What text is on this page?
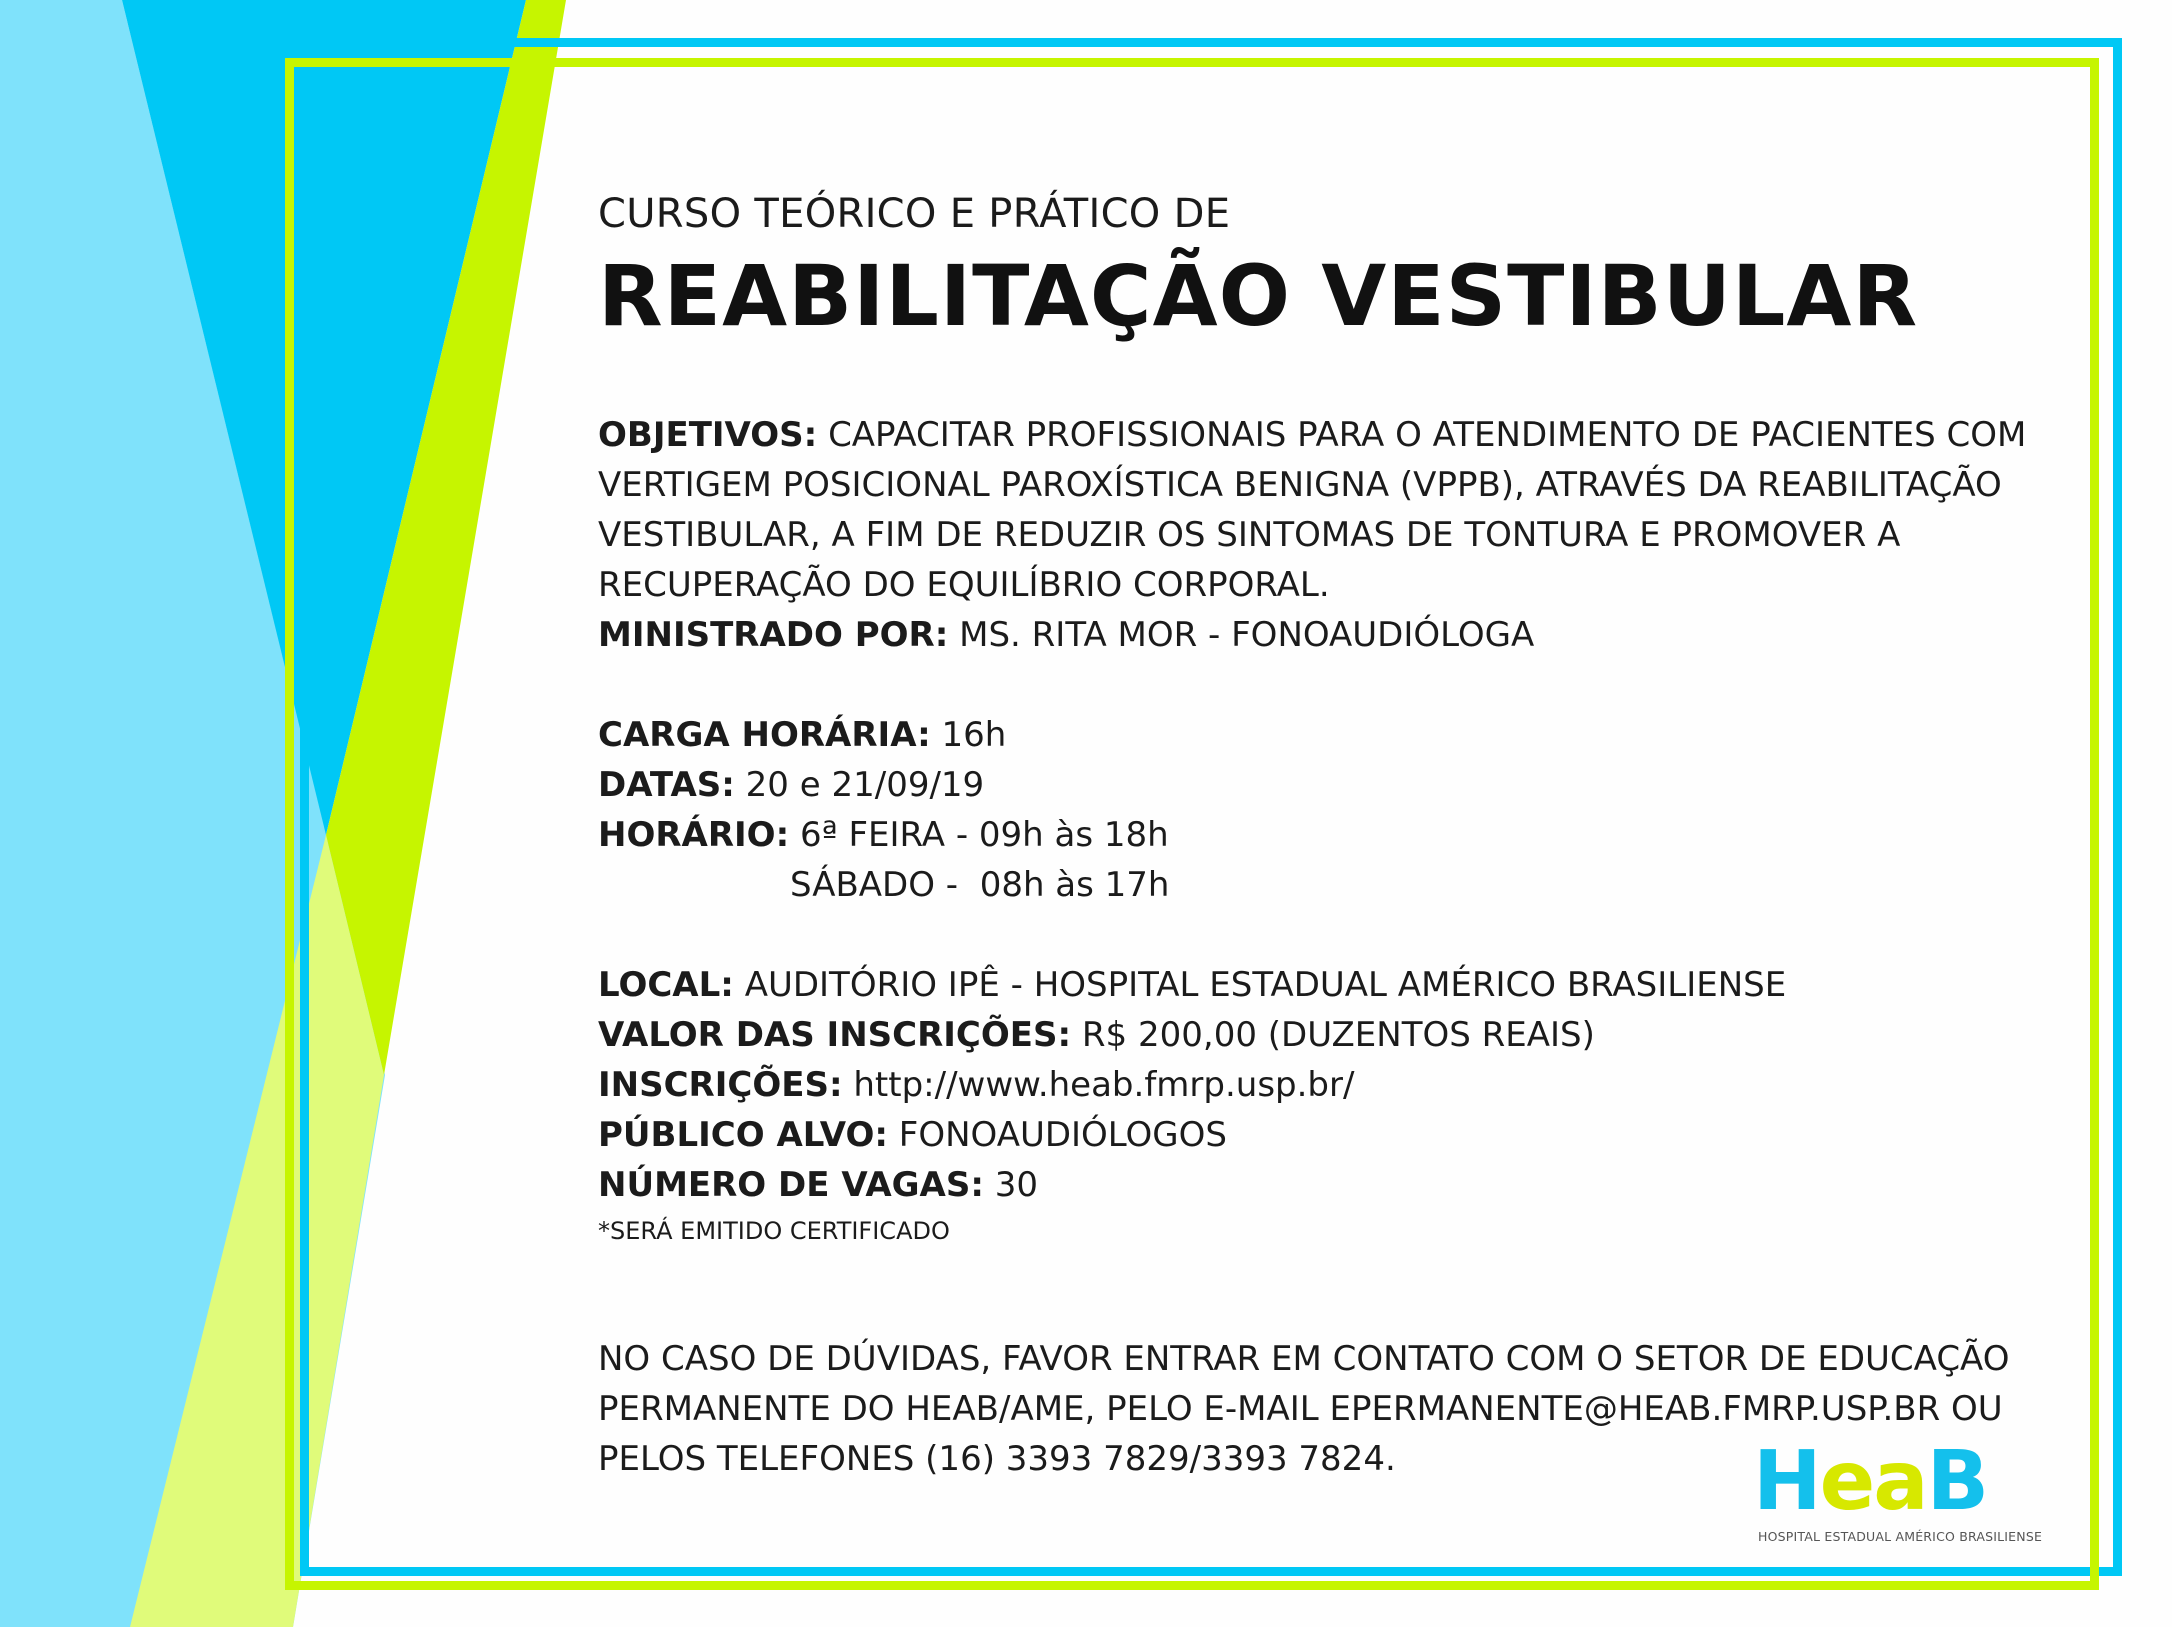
CURSO TEÓRICO E PRÁTICO DE

REABILITAÇÃO VESTIBULAR
OBJETIVOS: CAPACITAR PROFISSIONAIS PARA O ATENDIMENTO DE PACIENTES COM VERTIGEM POSICIONAL PAROXÍSTICA BENIGNA (VPPB), ATRAVÉS DA REABILITAÇÃO VESTIBULAR, A FIM DE REDUZIR OS SINTOMAS DE TONTURA E PROMOVER A RECUPERAÇÃO DO EQUILÍBRIO CORPORAL.
MINISTRADO POR: MS. RITA MOR - FONOAUDIÓLOGA
CARGA HORÁRIA: 16h
DATAS: 20 e 21/09/19
HORÁRIO: 6ª FEIRA - 09h às 18h
SÁBADO -  08h às 17h
LOCAL: AUDITÓRIO IPÊ - HOSPITAL ESTADUAL AMÉRICO BRASILIENSE
VALOR DAS INSCRIÇÕES: R$ 200,00 (DUZENTOS REAIS)
INSCRIÇÕES: http://www.heab.fmrp.usp.br/
PÚBLICO ALVO: FONOAUDIÓLOGOS
NÚMERO DE VAGAS: 30
*SERÁ EMITIDO CERTIFICADO
NO CASO DE DÚVIDAS, FAVOR ENTRAR EM CONTATO COM O SETOR DE EDUCAÇÃO PERMANENTE DO HEAB/AME, PELO E-MAIL EPERMANENTE@HEAB.FMRP.USP.BR OU PELOS TELEFONES (16) 3393 7829/3393 7824.	HeaB
HOSPITAL ESTADUAL AMÉRICO BRASILIENSE
